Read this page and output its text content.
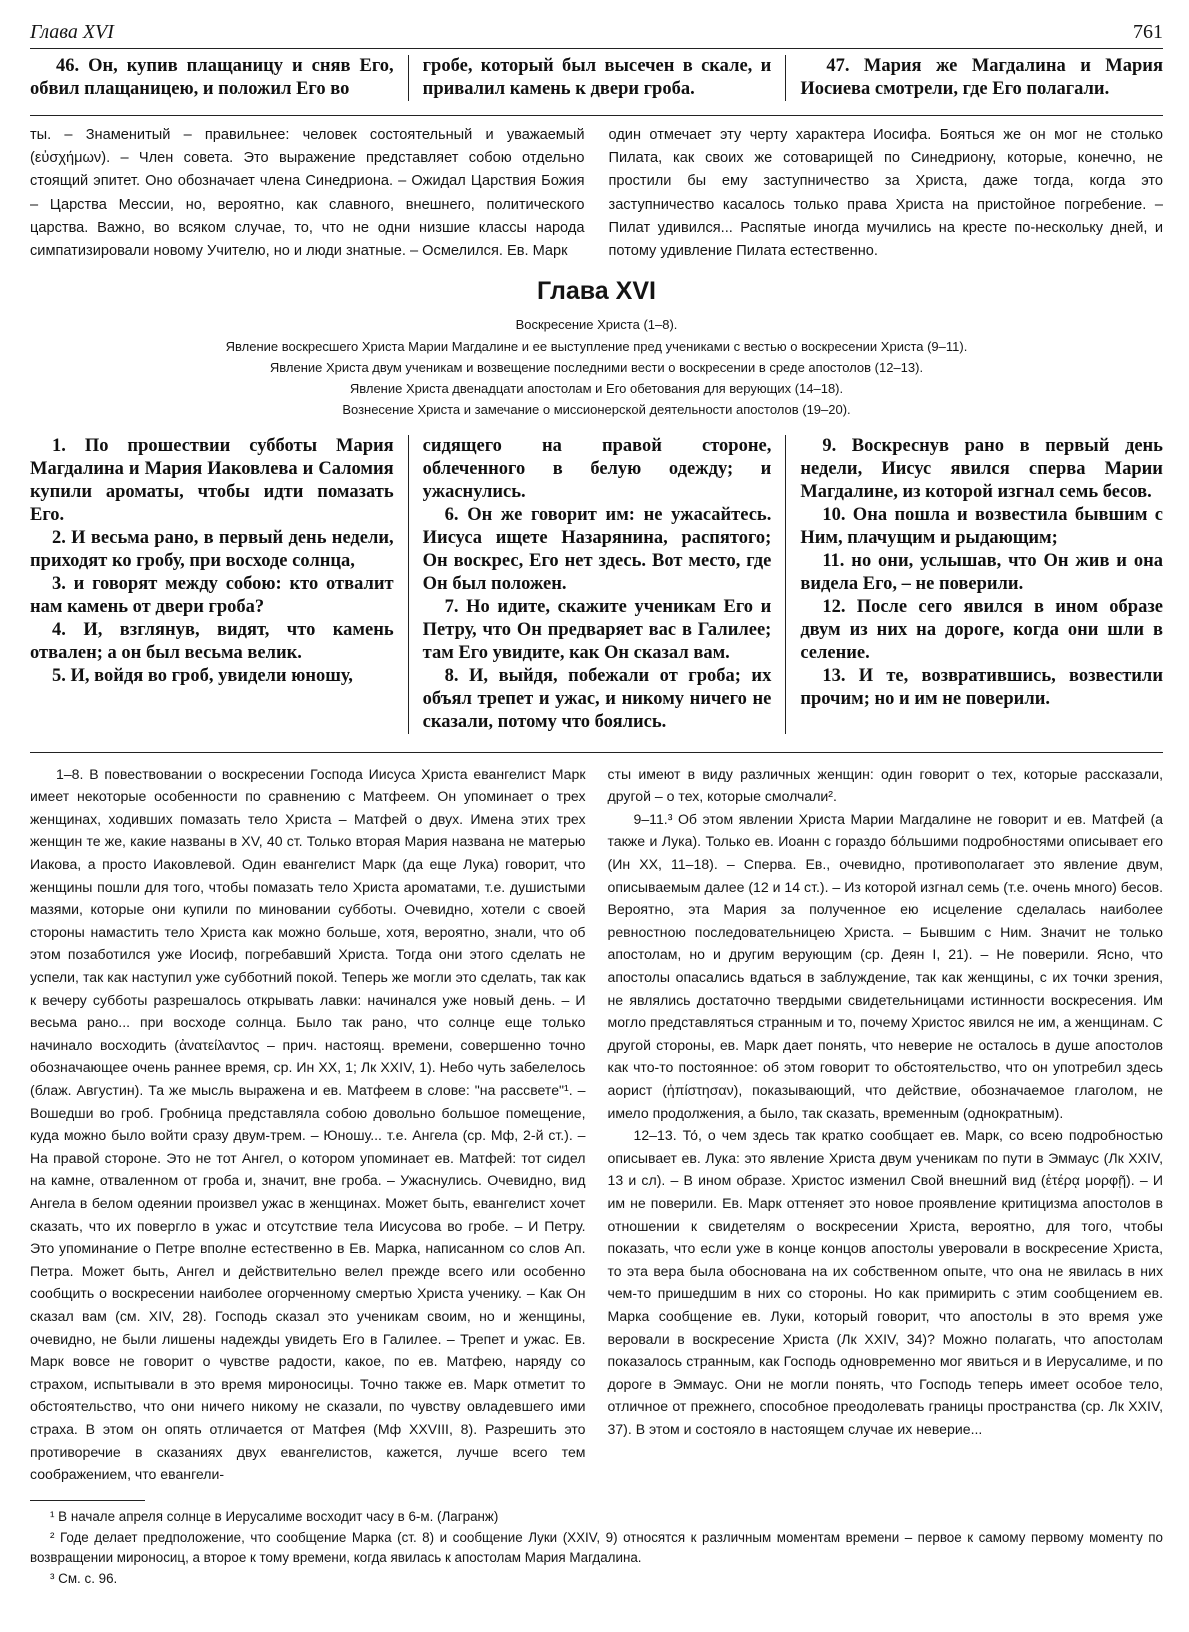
Глава XVI	761

46. Он, купив плащаницу и сняв Его, обвил плащаницею, и положил Его во

гробе, который был высечен в скале, и привалил камень к двери гроба.

47. Мария же Магдалина и Мария Иосиева смотрели, где Его полагали.

ты. – Знаменитый – правильнее: человек состоятельный и уважаемый (εὐσχήμων). – Член совета. Это выражение представляет собою отдельно стоящий эпитет. Оно обозначает члена Синедриона. – Ожидал Царствия Божия – Царства Мессии, но, вероятно, как славного, внешнего, политического царства. Важно, во всяком случае, то, что не одни низшие классы народа симпатизировали новому Учителю, но и люди знатные. – Осмелился. Ев. Марк

один отмечает эту черту характера Иосифа. Бояться же он мог не столько Пилата, как своих же сотоварищей по Синедриону, которые, конечно, не простили бы ему заступничество за Христа, даже тогда, когда это заступничество касалось только права Христа на пристойное погребение. – Пилат удивился... Распятые иногда мучились на кресте по-нескольку дней, и потому удивление Пилата естественно.

Глава XVI
Воскресение Христа (1–8).
Явление воскресшего Христа Марии Магдалине и ее выступление пред учениками с вестью о воскресении Христа (9–11).
Явление Христа двум ученикам и возвещение последними вести о воскресении в среде апостолов (12–13).
Явление Христа двенадцати апостолам и Его обетования для верующих (14–18).
Вознесение Христа и замечание о миссионерской деятельности апостолов (19–20).

1. По прошествии субботы Мария Магдалина и Мария Иаковлева и Саломия купили ароматы, чтобы идти помазать Его.

2. И весьма рано, в первый день недели, приходят ко гробу, при восходе солнца,

3. и говорят между собою: кто отвалит нам камень от двери гроба?

4. И, взглянув, видят, что камень отвален; а он был весьма велик.

5. И, войдя во гроб, увидели юношу,

сидящего на правой стороне, облеченного в белую одежду; и ужаснулись.

6. Он же говорит им: не ужасайтесь. Иисуса ищете Назарянина, распятого; Он воскрес, Его нет здесь. Вот место, где Он был положен.

7. Но идите, скажите ученикам Его и Петру, что Он предваряет вас в Галилее; там Его увидите, как Он сказал вам.

8. И, выйдя, побежали от гроба; их объял трепет и ужас, и никому ничего не сказали, потому что боялись.

9. Воскреснув рано в первый день недели, Иисус явился сперва Марии Магдалине, из которой изгнал семь бесов.

10. Она пошла и возвестила бывшим с Ним, плачущим и рыдающим;

11. но они, услышав, что Он жив и она видела Его, – не поверили.

12. После сего явился в ином образе двум из них на дороге, когда они шли в селение.

13. И те, возвратившись, возвестили прочим; но и им не поверили.

1–8. В повествовании о воскресении Господа Иисуса Христа евангелист Марк имеет некоторые особенности по сравнению с Матфеем. Он упоминает о трех женщинах, ходивших помазать тело Христа – Матфей о двух. Имена этих трех женщин те же, какие названы в XV, 40 ст. Только вторая Мария названа не матерью Иакова, а просто Иаковлевой. Один евангелист Марк (да еще Лука) говорит, что женщины пошли для того, чтобы помазать тело Христа ароматами, т.е. душистыми мазями, которые они купили по миновании субботы. Очевидно, хотели с своей стороны намастить тело Христа как можно больше, хотя, вероятно, знали, что об этом позаботился уже Иосиф, погребавший Христа. Тогда они этого сделать не успели, так как наступил уже субботний покой. Теперь же могли это сделать, так как к вечеру субботы разрешалось открывать лавки: начинался уже новый день. – И весьма рано... при восходе солнца. Было так рано, что солнце еще только начинало восходить (ἀνατείλαντος – прич. настоящ. времени, совершенно точно обозначающее очень раннее время, ср. Ин XX, 1; Лк XXIV, 1). Небо чуть забелелось (блаж. Августин). Та же мысль выражена и ев. Матфеем в слове: "на рассвете"¹. – Вошедши во гроб. Гробница представляла собою довольно большое помещение, куда можно было войти сразу двум-трем. – Юношу... т.е. Ангела (ср. Мф, 2-й ст.). – На правой стороне. Это не тот Ангел, о котором упоминает ев. Матфей: тот сидел на камне, отваленном от гроба и, значит, вне гроба. – Ужаснулись. Очевидно, вид Ангела в белом одеянии произвел ужас в женщинах. Может быть, евангелист хочет сказать, что их повергло в ужас и отсутствие тела Иисусова во гробе. – И Петру. Это упоминание о Петре вполне естественно в Ев. Марка, написанном со слов Ап. Петра. Может быть, Ангел и действительно велел прежде всего или особенно сообщить о воскресении наиболее огорченному смертью Христа ученику. – Как Он сказал вам (см. XIV, 28). Господь сказал это ученикам своим, но и женщины, очевидно, не были лишены надежды увидеть Его в Галилее. – Трепет и ужас. Ев. Марк вовсе не говорит о чувстве радости, какое, по ев. Матфею, наряду со страхом, испытывали в это время мироносицы. Точно также ев. Марк отметит то обстоятельство, что они ничего никому не сказали, по чувству овладевшего ими страха. В этом он опять отличается от Матфея (Мф XXVIII, 8). Разрешить это противоречие в сказаниях двух евангелистов, кажется, лучше всего тем соображением, что евангели-

сты имеют в виду различных женщин: один говорит о тех, которые рассказали, другой – о тех, которые смолчали².

9–11.³ Об этом явлении Христа Марии Магдалине не говорит и ев. Матфей (а также и Лука). Только ев. Иоанн с гораздо бо́льшими подробностями описывает его (Ин XX, 11–18). – Сперва. Ев., очевидно, противополагает это явление двум, описываемым далее (12 и 14 ст.). – Из которой изгнал семь (т.е. очень много) бесов. Вероятно, эта Мария за полученное ею исцеление сделалась наиболее ревностною последовательницею Христа. – Бывшим с Ним. Значит не только апостолам, но и другим верующим (ср. Деян I, 21). – Не поверили. Ясно, что апостолы опасались вдаться в заблуждение, так как женщины, с их точки зрения, не являлись достаточно твердыми свидетельницами истинности воскресения. Им могло представляться странным и то, почему Христос явился не им, а женщинам. С другой стороны, ев. Марк дает понять, что неверие не осталось в душе апостолов как что-то постоянное: об этом говорит то обстоятельство, что он употребил здесь аорист (ἠπίστησαν), показывающий, что действие, обозначаемое глаголом, не имело продолжения, а было, так сказать, временным (однократным).

12–13. То́, о чем здесь так кратко сообщает ев. Марк, со всею подробностью описывает ев. Лука: это явление Христа двум ученикам по пути в Эммаус (Лк XXIV, 13 и сл). – В ином образе. Христос изменил Свой внешний вид (ἑτέρᾳ μορφῇ). – И им не поверили. Ев. Марк оттеняет это новое проявление критицизма апостолов в отношении к свидетелям о воскресении Христа, вероятно, для того, чтобы показать, что если уже в конце концов апостолы уверовали в воскресение Христа, то эта вера была обоснована на их собственном опыте, что она не явилась в них чем-то пришедшим в них со стороны. Но как примирить с этим сообщением ев. Марка сообщение ев. Луки, который говорит, что апостолы в это время уже веровали в воскресение Христа (Лк XXIV, 34)? Можно полагать, что апостолам показалось странным, как Господь одновременно мог явиться и в Иерусалиме, и по дороге в Эммаус. Они не могли понять, что Господь теперь имеет особое тело, отличное от прежнего, способное преодолевать границы пространства (ср. Лк XXIV, 37). В этом и состояло в настоящем случае их неверие...

¹ В начале апреля солнце в Иерусалиме восходит часу в 6-м. (Лагранж)

² Годе делает предположение, что сообщение Марка (ст. 8) и сообщение Луки (XXIV, 9) относятся к различным моментам времени – первое к самому первому моменту по возвращении мироносиц, а второе к тому времени, когда явилась к апостолам Мария Магдалина.

³ См. с. 96.
